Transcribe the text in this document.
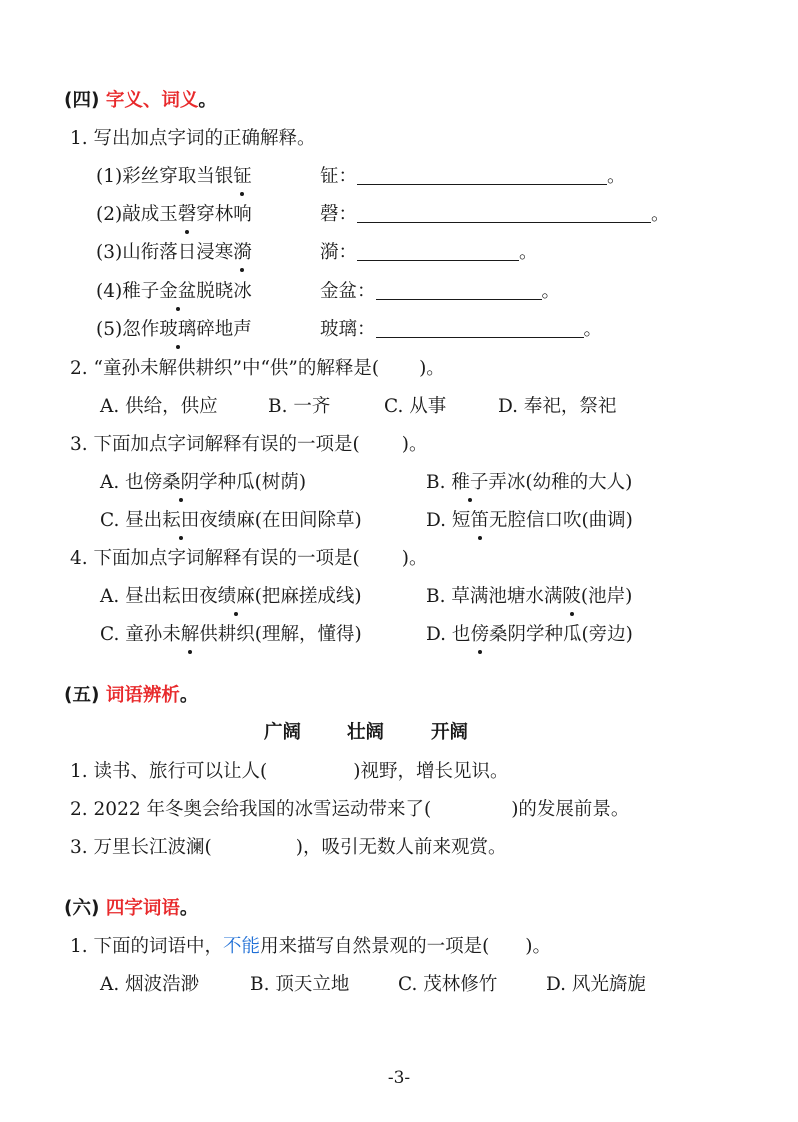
(四) 字义、词义。
1. 写出加点字词的正确解释。
(1)彩丝穿取当银钲	钲：	。
(2)敲成玉磬穿林响	磬：	。
(3)山衔落日浸寒漪	漪：	。
(4)稚子金盆脱晓冰	金盆：	。
(5)忽作玻璃碎地声	玻璃：	。
2. “童孙未解供耕织”中“供”的解释是( )。
A. 供给，供应	B. 一齐	C. 从事	D. 奉祀，祭祀
3. 下面加点字词解释有误的一项是( )。
A. 也傍桑阴学种瓜(树荫)	B. 稚子弄冰(幼稚的大人)
C. 昼出耘田夜绩麻(在田间除草)	D. 短笛无腔信口吹(曲调)
4. 下面加点字词解释有误的一项是( )。
A. 昼出耘田夜绩麻(把麻搓成线)	B. 草满池塘水满陂(池岸)
C. 童孙未解供耕织(理解，懂得)	D. 也傍桑阴学种瓜(旁边)
(五) 词语辨析。
广阔 壮阔	开阔
1. 读书、旅行可以让人(	)视野，增长见识。
2. 2022 年冬奥会给我国的冰雪运动带来了(	)的发展前景。
3. 万里长江波澜(	)，吸引无数人前来观赏。
(六) 四字词语。
1. 下面的词语中，不能用来描写自然景观的一项是( )。
A. 烟波浩渺	B. 顶天立地	C. 茂林修竹	D. 风光旖旎
-3-
